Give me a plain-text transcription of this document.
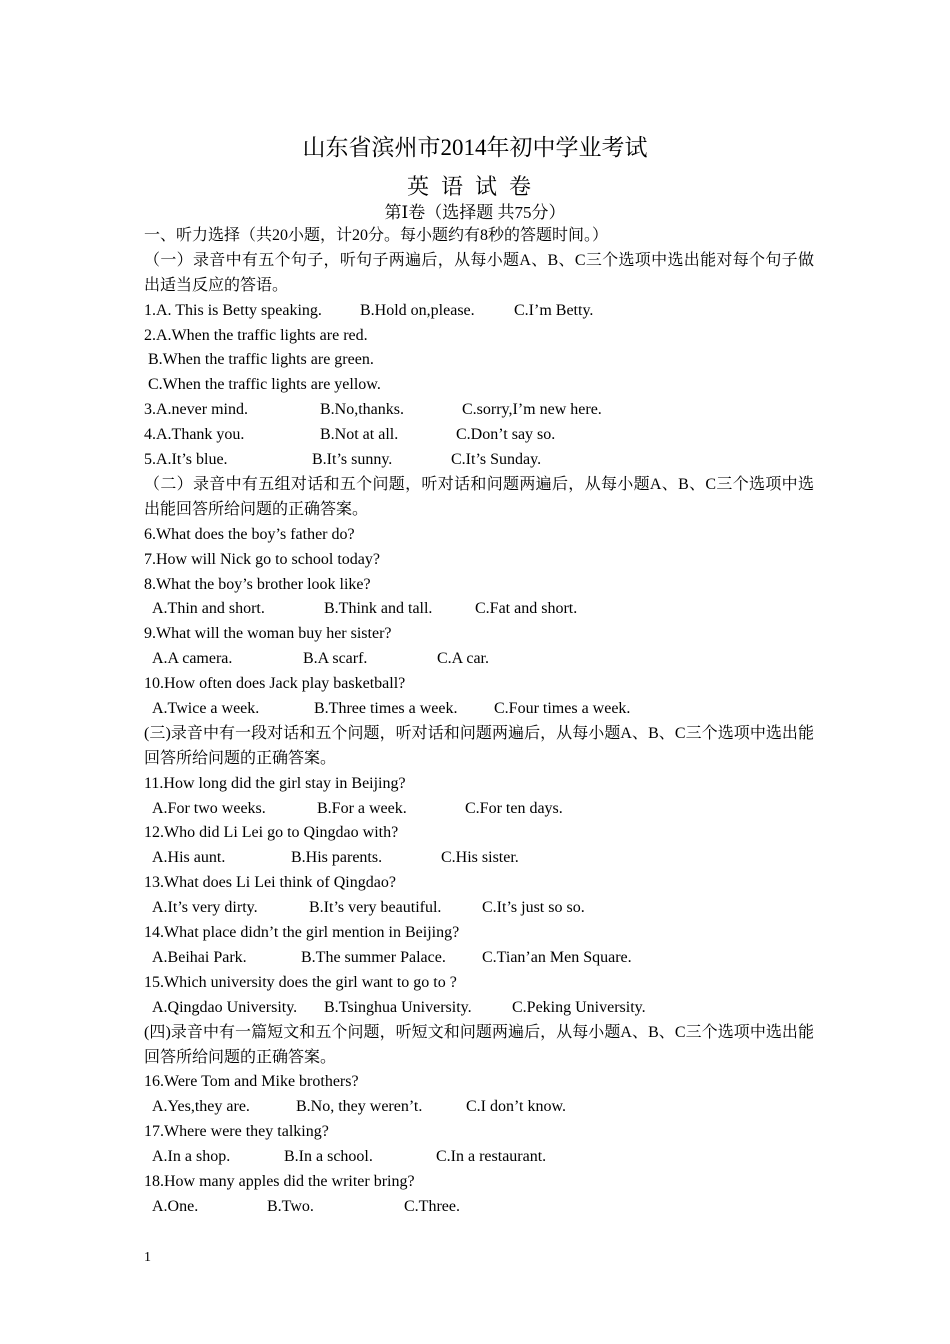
山东省滨州市2014年初中学业考试
英语试卷
第Ⅰ卷（选择题 共75分）
一、听力选择（共20小题，计20分。每小题约有8秒的答题时间。）
（一）录音中有五个句子，听句子两遍后，从每小题A、B、C三个选项中选出能对每个句子做出适当反应的答语。
1.A. This is Betty speaking. B.Hold on,please. C.I’m Betty.
2.A.When the traffic lights are red.
B.When the traffic lights are green.
C.When the traffic lights are yellow.
3.A.never mind.	B.No,thanks.	C.sorry,I’m new here.
4.A.Thank you.	B.Not at all.	C.Don’t say so.
5.A.It’s blue.	B.It’s sunny.	C.It’s Sunday.
（二）录音中有五组对话和五个问题，听对话和问题两遍后，从每小题A、B、C三个选项中选出能回答所给问题的正确答案。
6.What does the boy’s father do?
7.How will Nick go to school today?
8.What the boy’s brother look like?
A.Thin and short.	B.Think and tall.	C.Fat and short.
9.What will the woman buy her sister?
A.A camera.	B.A scarf.	C.A car.
10.How often does Jack play basketball?
A.Twice a week.	B.Three times a week. C.Four times a week.
(三)录音中有一段对话和五个问题，听对话和问题两遍后，从每小题A、B、C三个选项中选出能回答所给问题的正确答案。
11.How long did the girl stay in Beijing?
A.For two weeks.	B.For a week.	C.For ten days.
12.Who did Li Lei go to Qingdao with?
A.His aunt.	B.His parents.	C.His sister.
13.What does Li Lei think of Qingdao?
A.It’s very dirty.	B.It’s very beautiful.	C.It’s just so so.
14.What place didn’t the girl mention in Beijing?
A.Beihai Park.	B.The summer Palace. C.Tian’an Men Square.
15.Which university does the girl want to go to ?
A.Qingdao University. B.Tsinghua University.	C.Peking University.
(四)录音中有一篇短文和五个问题，听短文和问题两遍后，从每小题A、B、C三个选项中选出能回答所给问题的正确答案。
16.Were Tom and Mike brothers?
A.Yes,they are.	B.No, they weren’t.	C.I don’t know.
17.Where were they talking?
A.In a shop.	B.In a school.	C.In a restaurant.
18.How many apples did the writer bring?
A.One.	B.Two.	C.Three.
1
